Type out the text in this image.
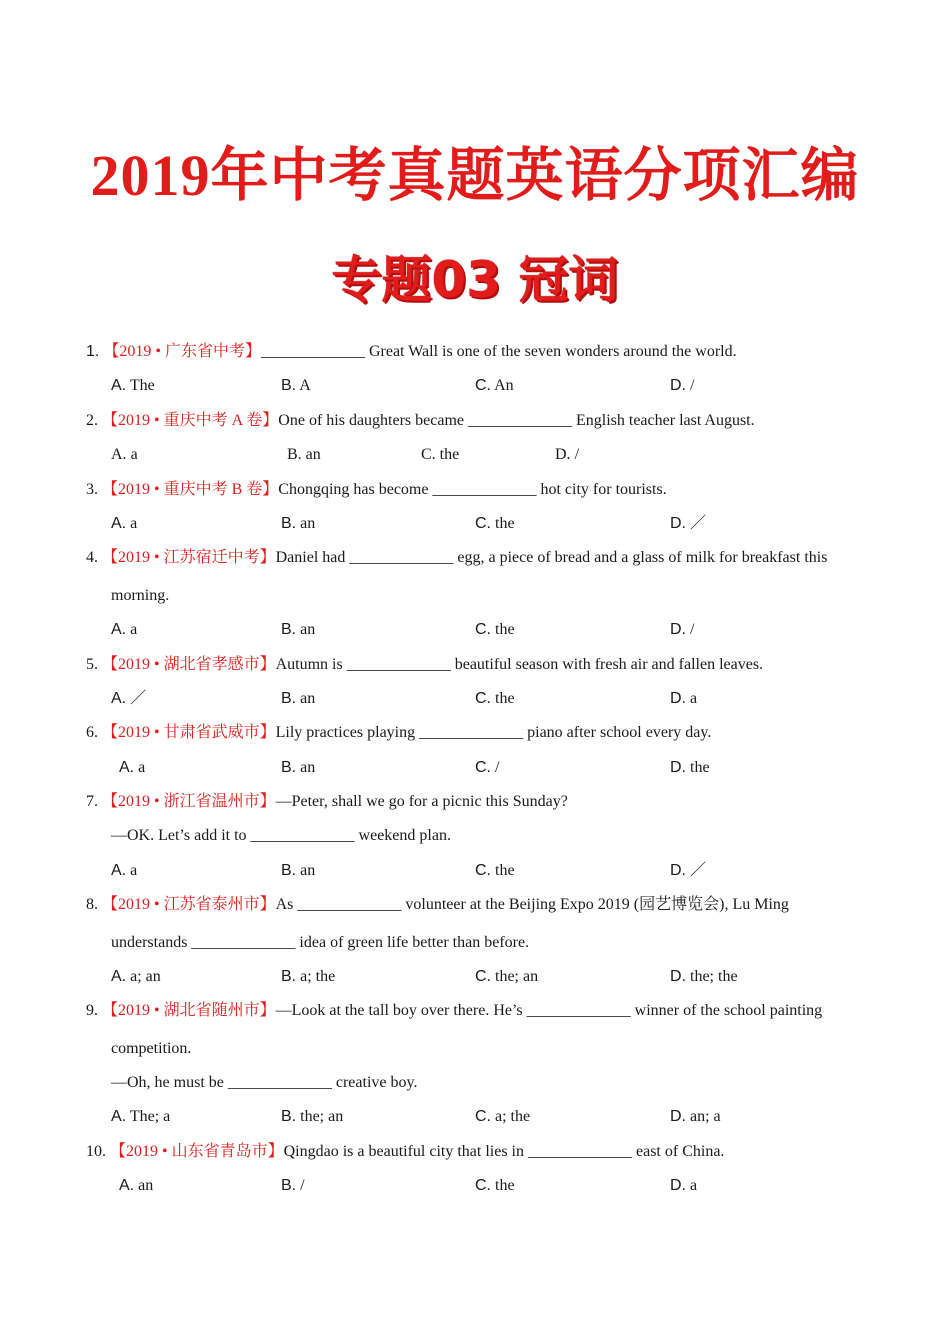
2019年中考真题英语分项汇编
专题03 冠词
1. 【2019 • 广东省中考】_____________ Great Wall is one of the seven wonders around the world.
A. The	B. A	C. An	D. /
2. 【2019 • 重庆中考 A 卷】One of his daughters became _____________ English teacher last August.
A. a	B. an	C. the	D. /
3. 【2019 • 重庆中考 B 卷】Chongqing has become _____________ hot city for tourists.
A. a	B. an	C. the	D. ／
4. 【2019 • 江苏宿迁中考】Daniel had _____________ egg, a piece of bread and a glass of milk for breakfast this
morning.
A. a	B. an	C. the	D. /
5. 【2019 • 湖北省孝感市】Autumn is _____________ beautiful season with fresh air and fallen leaves.
A. ／	B. an	C. the	D. a
6. 【2019 • 甘肃省武威市】Lily practices playing _____________ piano after school every day.
A. a	B. an	C. /	D. the
7. 【2019 • 浙江省温州市】—Peter, shall we go for a picnic this Sunday?
—OK. Let’s add it to _____________ weekend plan.
A. a	B. an	C. the	D. ／
8. 【2019 • 江苏省泰州市】As _____________ volunteer at the Beijing Expo 2019 (园艺博览会), Lu Ming
understands _____________ idea of green life better than before.
A. a; an	B. a; the	C. the; an	D. the; the
9. 【2019 • 湖北省随州市】—Look at the tall boy over there. He’s _____________ winner of the school painting
competition.
—Oh, he must be _____________ creative boy.
A. The; a	B. the; an	C. a; the	D. an; a
10. 【2019 • 山东省青岛市】Qingdao is a beautiful city that lies in _____________ east of China.
A. an	B. /	C. the	D. a
